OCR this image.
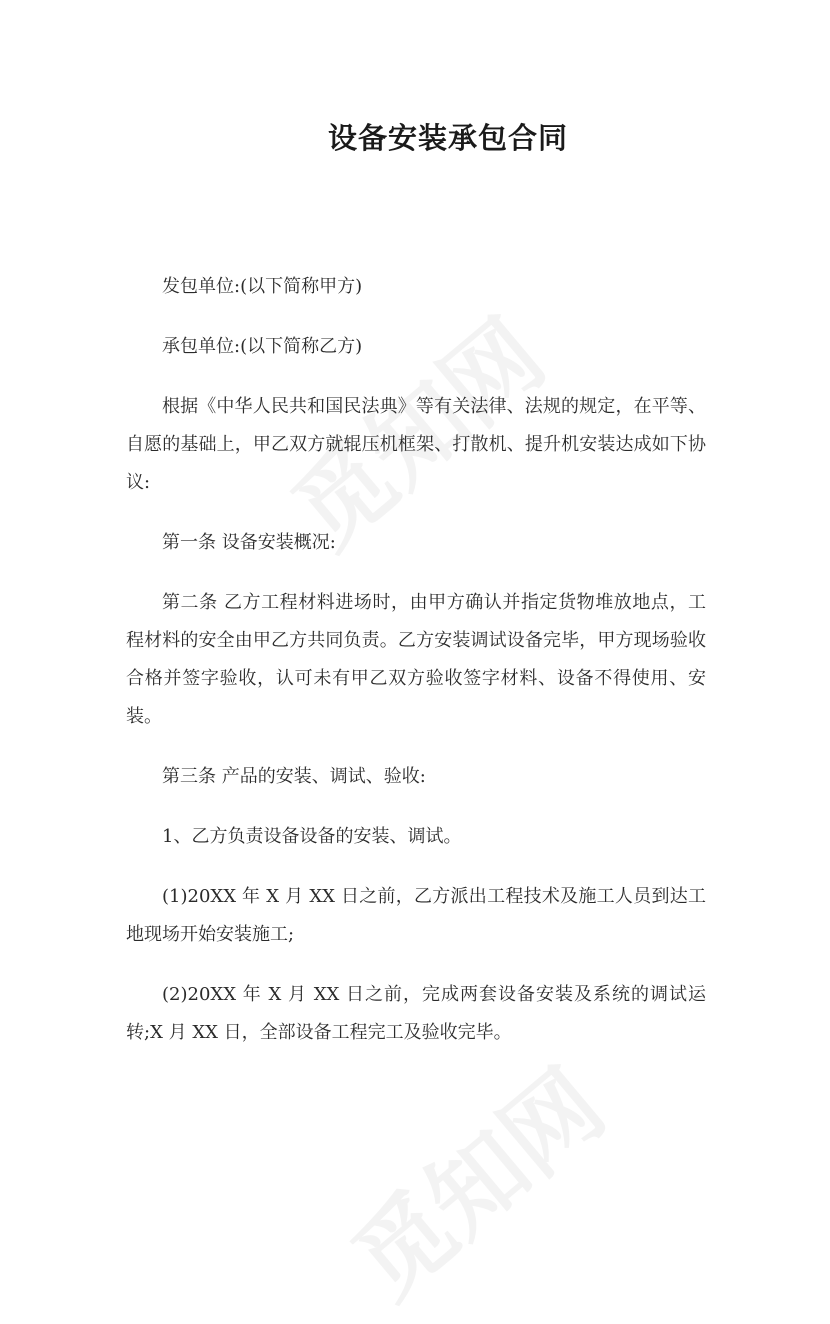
设备安装承包合同

发包单位:(以下简称甲方)

承包单位:(以下简称乙方)

根据《中华人民共和国民法典》等有关法律、法规的规定，在平等、自愿的基础上，甲乙双方就辊压机框架、打散机、提升机安装达成如下协议:

第一条 设备安装概况:

第二条 乙方工程材料进场时，由甲方确认并指定货物堆放地点，工程材料的安全由甲乙方共同负责。乙方安装调试设备完毕，甲方现场验收合格并签字验收，认可未有甲乙双方验收签字材料、设备不得使用、安装。

第三条 产品的安装、调试、验收:

1、乙方负责设备设备的安装、调试。

(1)20XX 年 X 月 XX 日之前，乙方派出工程技术及施工人员到达工地现场开始安装施工;

(2)20XX 年 X 月 XX 日之前，完成两套设备安装及系统的调试运转;X 月 XX 日，全部设备工程完工及验收完毕。
